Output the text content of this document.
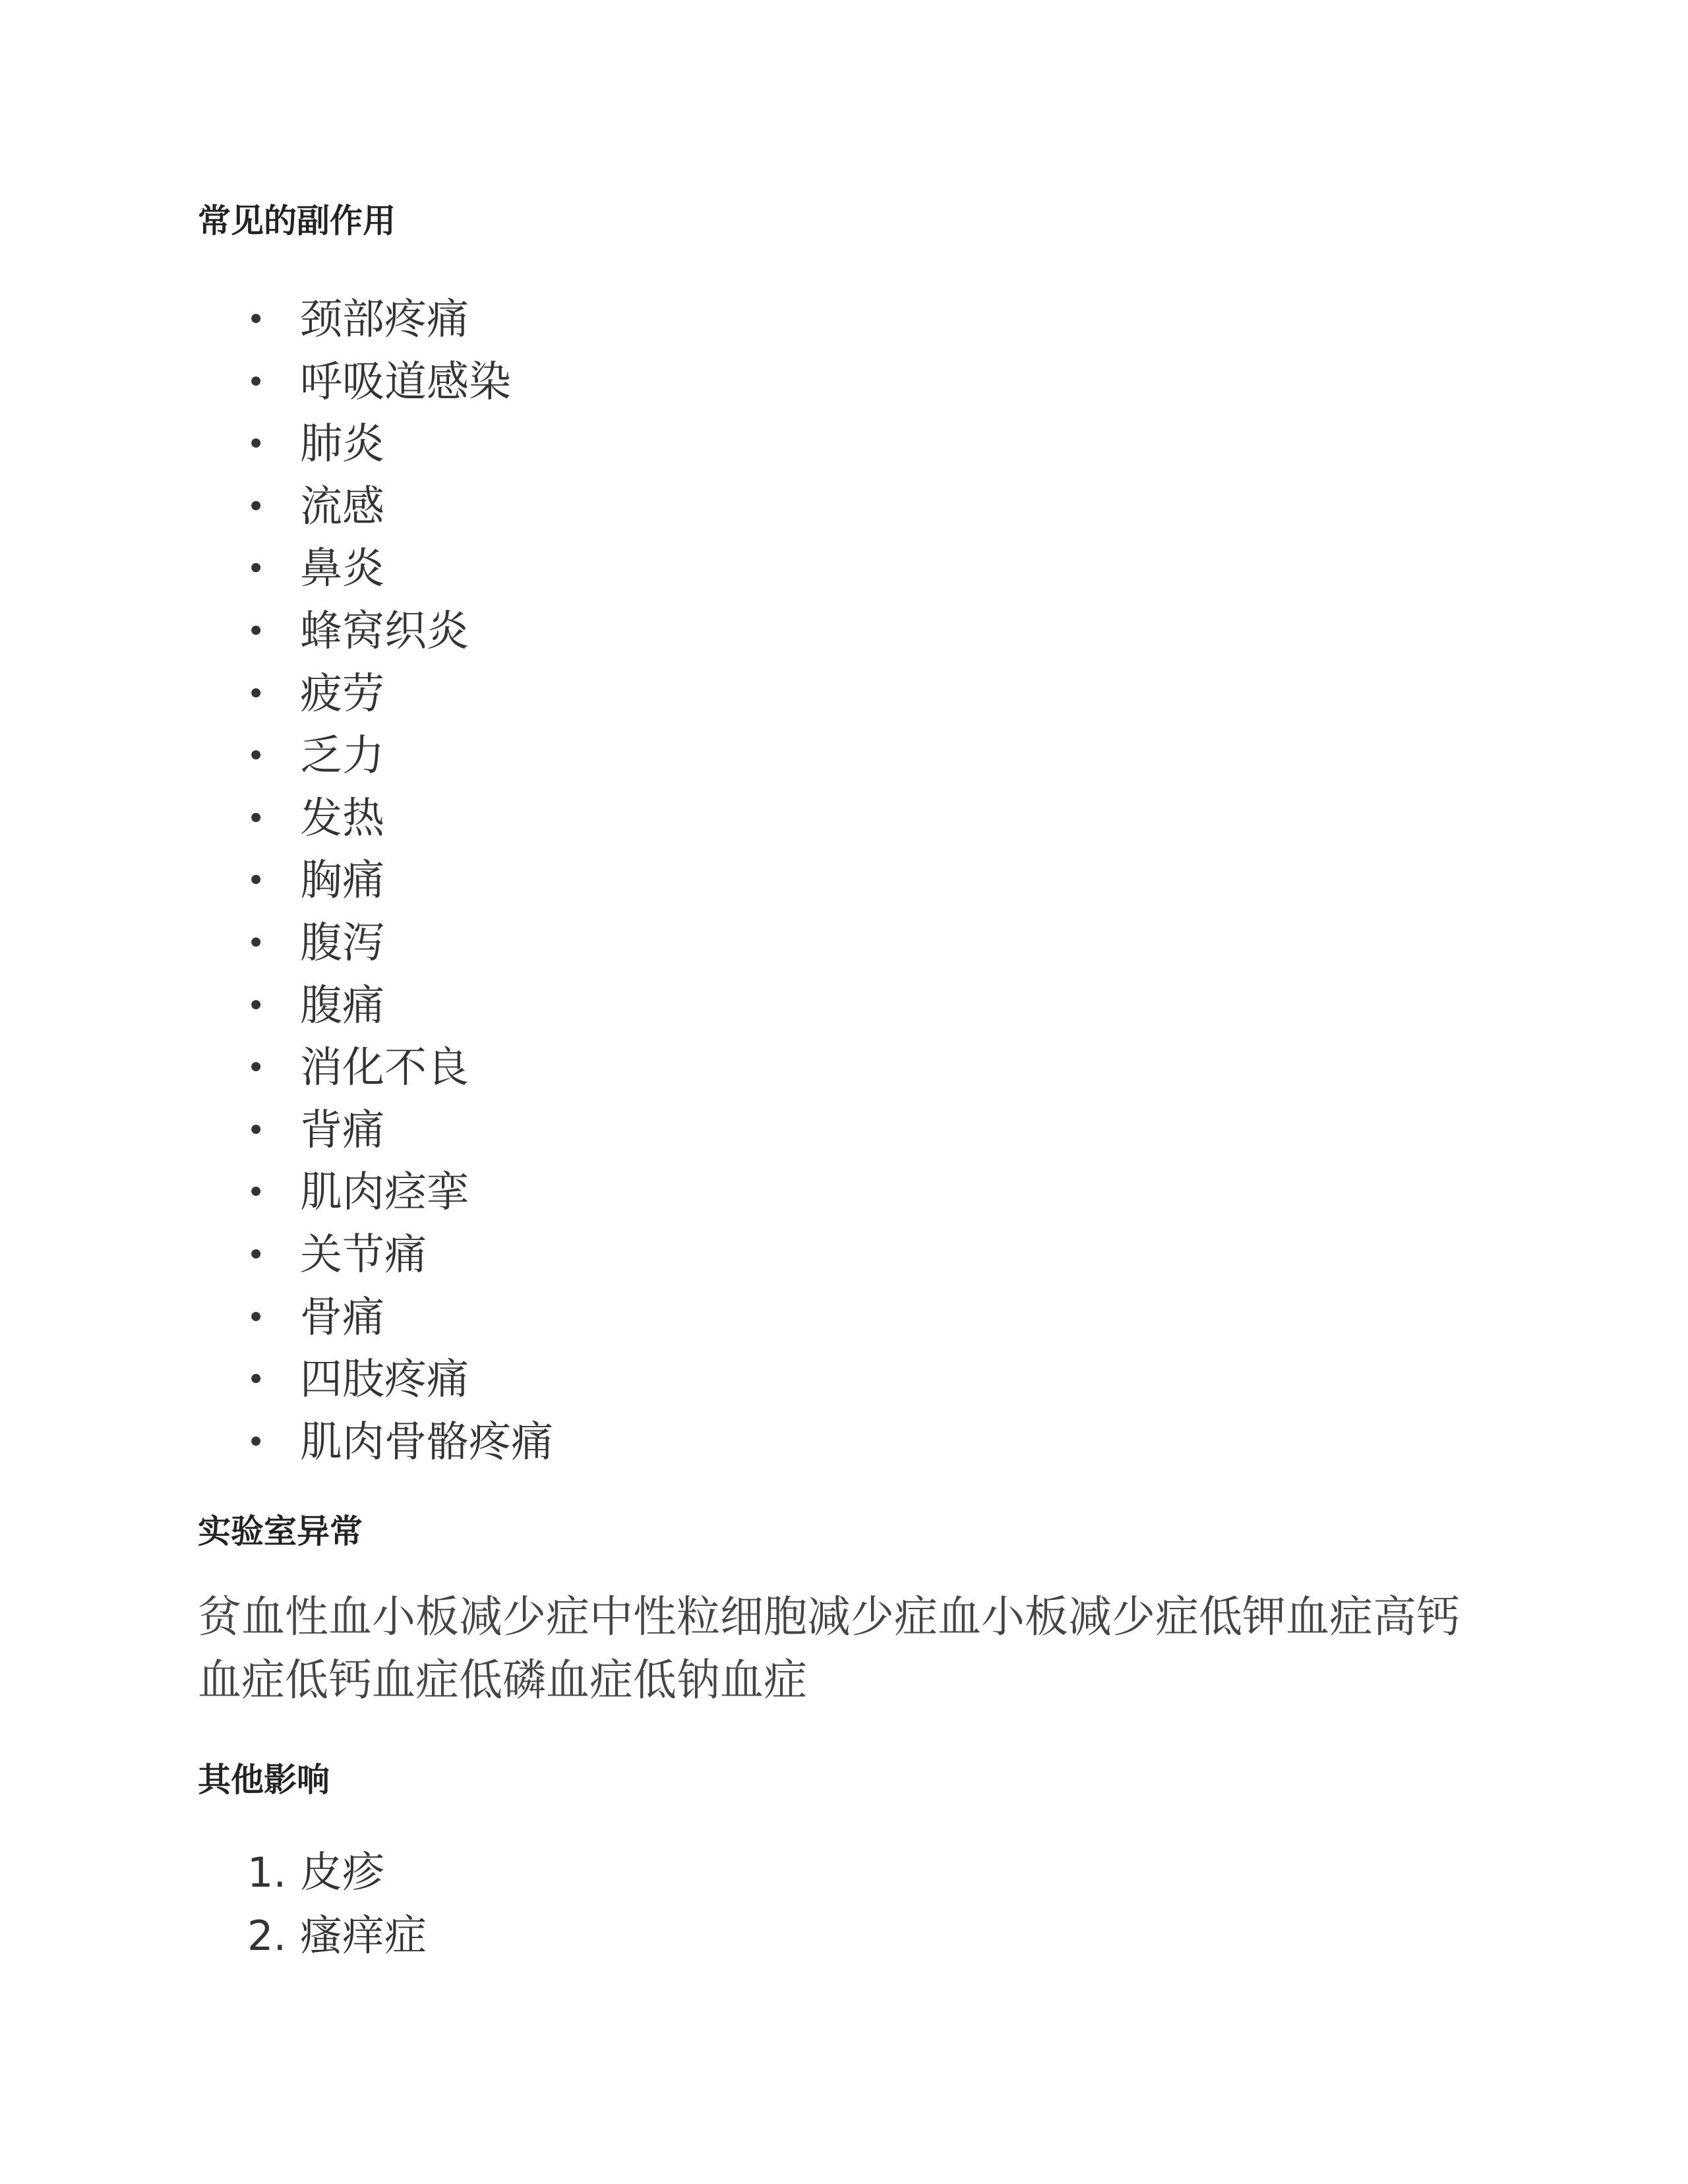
常见的副作用
• 颈部疼痛
• 呼吸道感染
• 肺炎
• 流感
• 鼻炎
• 蜂窝织炎
• 疲劳
• 乏力
• 发热
• 胸痛
• 腹泻
• 腹痛
• 消化不良
• 背痛
• 肌肉痉挛
• 关节痛
• 骨痛
• 四肢疼痛
• 肌肉骨骼疼痛
实验室异常

贫血性血小板减少症中性粒细胞减少症血小板减少症低钾血症高钙血症低钙血症低磷血症低钠血症

其他影响
1. 皮疹
2. 瘙痒症
